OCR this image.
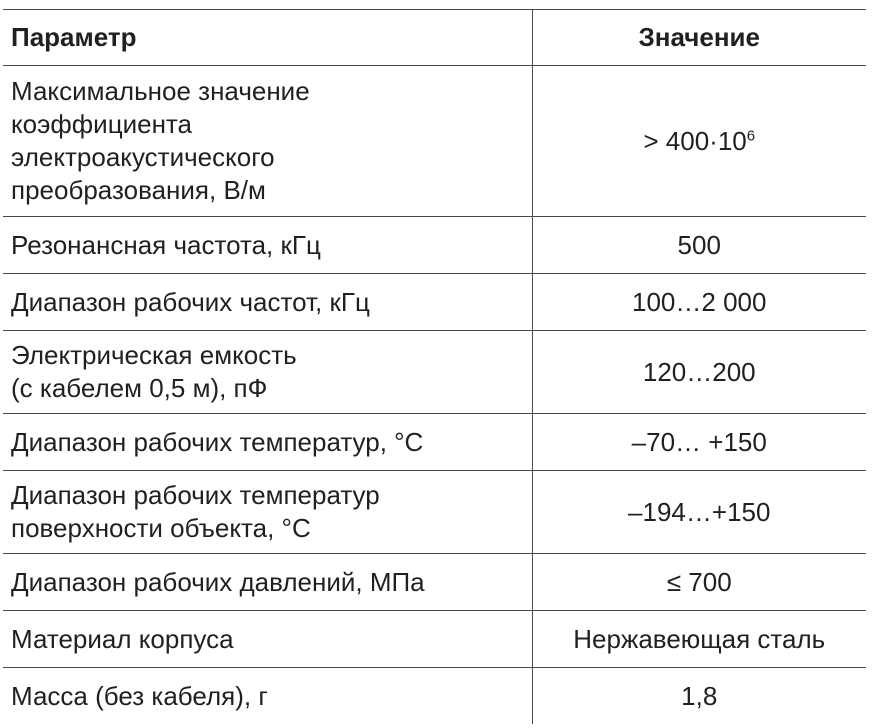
Параметр	Значение

Максимальное значение
коэффициента
электроакустического
преобразования, В/м	> $400\cdot 10^6$

Резонансная частота, кГц	500

Диапазон рабочих частот, кГц	100…2 000

Электрическая емкость
(с кабелем 0,5 м), пФ	120…200

Диапазон рабочих температур, °С	–70… +150

Диапазон рабочих температур
поверхности объекта, °С	–194…+150

Диапазон рабочих давлений, МПа	≤ 700

Материал корпуса	Нержавеющая сталь

Масса (без кабеля), г	1,8
